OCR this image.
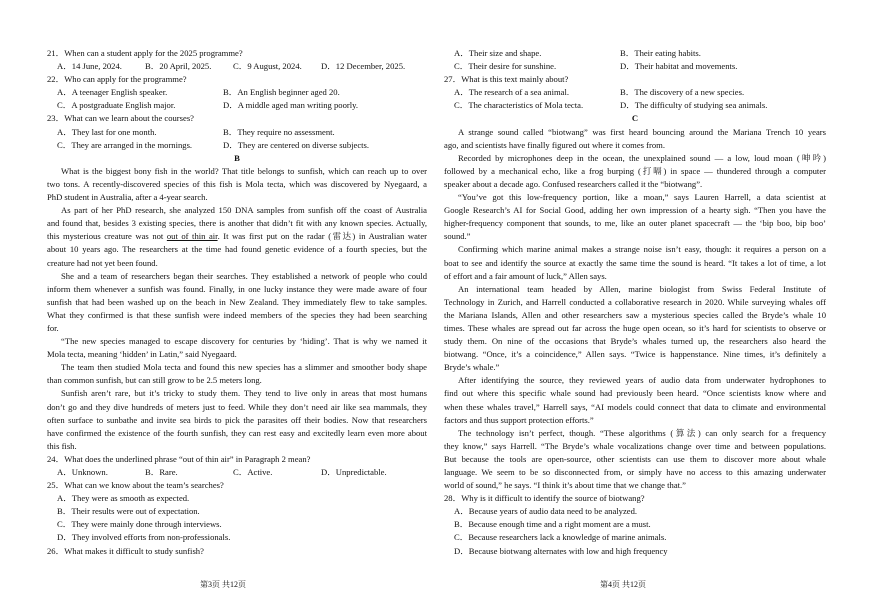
21．When can a student apply for the 2025 programme?
A．14 June, 2024.	B．20 April, 2025.	C．9 August, 2024.	D．12 December, 2025.
22．Who can apply for the programme?
A．A teenager English speaker.	B．An English beginner aged 20.
C．A postgraduate English major.	D．A middle aged man writing poorly.
23．What can we learn about the courses?
A．They last for one month.	B．They require no assessment.
C．They are arranged in the mornings.	D．They are centered on diverse subjects.
B
What is the biggest bony fish in the world? That title belongs to sunfish, which can reach up to over
two tons. A recently-discovered species of this fish is Mola tecta, which was discovered by Nyegaard, a
PhD student in Australia, after a 4-year search.
As part of her PhD research, she analyzed 150 DNA samples from sunfish off the coast of Australia
and found that, besides 3 existing species, there is another that didn’t fit with any known species. Actually,
this mysterious creature was not out of thin air. It was first put on the radar (雷达) in Australian water
about 10 years ago. The researchers at the time had found genetic evidence of a fourth species, but the
creature had not yet been found.
She and a team of researchers began their searches. They established a network of people who could
inform them whenever a sunfish was found. Finally, in one lucky instance they were made aware of four
sunfish that had been washed up on the beach in New Zealand. They immediately flew to take samples.
What they confirmed is that these sunfish were indeed members of the species they had been searching
for.
“The new species managed to escape discovery for centuries by ‘hiding’. That is why we named it
Mola tecta, meaning ‘hidden’ in Latin,” said Nyegaard.
The team then studied Mola tecta and found this new species has a slimmer and smoother body shape
than common sunfish, but can still grow to be 2.5 meters long.
Sunfish aren’t rare, but it’s tricky to study them. They tend to live only in areas that most humans
don’t go and they dive hundreds of meters just to feed. While they don’t need air like sea mammals, they
often surface to sunbathe and invite sea birds to pick the parasites off their bodies. Now that researchers
have confirmed the existence of the fourth sunfish, they can rest easy and excitedly learn even more about
this fish.
24．What does the underlined phrase “out of thin air” in Paragraph 2 mean?
A．Unknown.	B．Rare.	C．Active.	D．Unpredictable.
25．What can we know about the team’s searches?
A．They were as smooth as expected.
B．Their results were out of expectation.
C．They were mainly done through interviews.
D．They involved efforts from non-professionals.
26．What makes it difficult to study sunfish?
A．Their size and shape.	B．Their eating habits.
C．Their desire for sunshine.	D．Their habitat and movements.
27．What is this text mainly about?
A．The research of a sea animal.	B．The discovery of a new species.
C．The characteristics of Mola tecta.	D．The difficulty of studying sea animals.
C
A strange sound called “biotwang” was first heard bouncing around the Mariana Trench 10 years
ago, and scientists have finally figured out where it comes from.
Recorded by microphones deep in the ocean, the unexplained sound — a low, loud moan (呻吟)
followed by a mechanical echo, like a frog burping (打嗝) in space — thundered through a computer
speaker about a decade ago. Confused researchers called it the “biotwang”.
“You’ve got this low-frequency portion, like a moan,” says Lauren Harrell, a data scientist at
Google Research’s AI for Social Good, adding her own impression of a hearty sigh. “Then you have the
higher-frequency component that sounds, to me, like an outer planet spacecraft — the ‘bip boo, bip boo’
sound.”
Confirming which marine animal makes a strange noise isn’t easy, though: it requires a person on a
boat to see and identify the source at exactly the same time the sound is heard. “It takes a lot of time, a lot
of effort and a fair amount of luck,” Allen says.
An international team headed by Allen, marine biologist from Swiss Federal Institute of
Technology in Zurich, and Harrell conducted a collaborative research in 2020. While surveying whales off
the Mariana Islands, Allen and other researchers saw a mysterious species called the Bryde’s whale 10
times. These whales are spread out far across the huge open ocean, so it’s hard for scientists to observe or
study them. On nine of the occasions that Bryde’s whales turned up, the researchers also heard the
biotwang. “Once, it’s a coincidence,” Allen says. “Twice is happenstance. Nine times, it’s definitely a
Bryde’s whale.”
After identifying the source, they reviewed years of audio data from underwater hydrophones to
find out where this specific whale sound had previously been heard. “Once scientists know where and
when these whales travel,” Harrell says, “AI models could connect that data to climate and environmental
factors and thus support protection efforts.”
The technology isn’t perfect, though. “These algorithms (算法) can only search for a frequency
they know,” says Harrell. “The Bryde’s whale vocalizations change over time and between populations.
But because the tools are open-source, other scientists can use them to discover more about whale
language. We seem to be so disconnected from, or simply have no access to this amazing underwater
world of sound,” he says. “I think it’s about time that we change that.”
28．Why is it difficult to identify the source of biotwang?
A．Because years of audio data need to be analyzed.
B．Because enough time and a right moment are a must.
C．Because researchers lack a knowledge of marine animals.
D．Because biotwang alternates with low and high frequency
第3页 共12页	第4页 共12页
